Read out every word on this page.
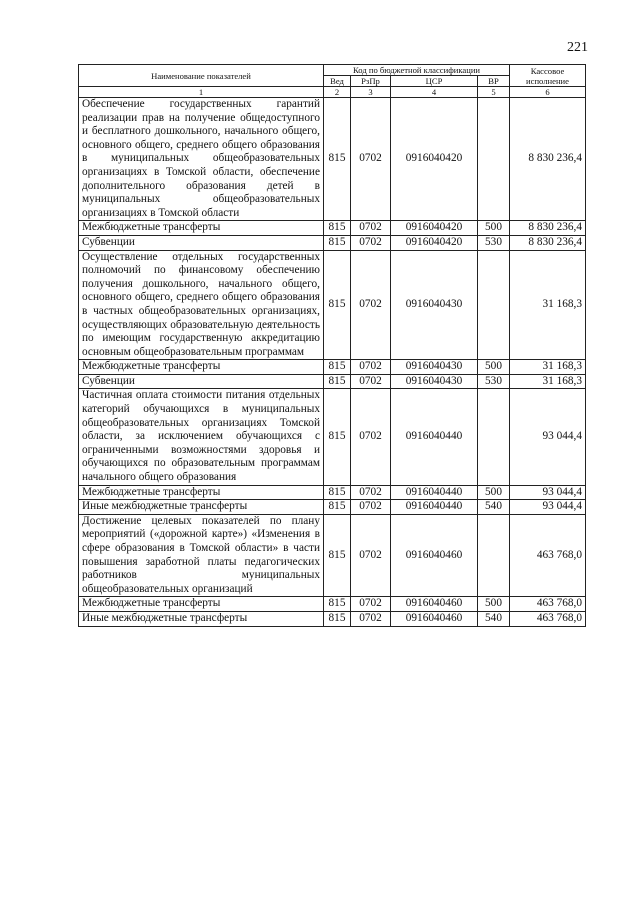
221
Наименование показателей	Код по бюджетной классификации				Кассовое исполнение
	Вед	РзПр	ЦСР	ВР	
1	2	3	4	5	6
Обеспечение государственных гарантий реализации прав на получение общедоступного и бесплатного дошкольного, начального общего, основного общего, среднего общего образования в муниципальных общеобразовательных организациях в Томской области, обеспечение дополнительного образования детей в муниципальных общеобразовательных организациях в Томской области	815	0702	0916040420		8 830 236,4
Межбюджетные трансферты	815	0702	0916040420	500	8 830 236,4
Субвенции	815	0702	0916040420	530	8 830 236,4
Осуществление отдельных государственных полномочий по финансовому обеспечению получения дошкольного, начального общего, основного общего, среднего общего образования в частных общеобразовательных организациях, осуществляющих образовательную деятельность по имеющим государственную аккредитацию основным общеобразовательным программам	815	0702	0916040430		31 168,3
Межбюджетные трансферты	815	0702	0916040430	500	31 168,3
Субвенции	815	0702	0916040430	530	31 168,3
Частичная оплата стоимости питания отдельных категорий обучающихся в муниципальных общеобразовательных организациях Томской области, за исключением обучающихся с ограниченными возможностями здоровья и обучающихся по образовательным программам начального общего образования	815	0702	0916040440		93 044,4
Межбюджетные трансферты	815	0702	0916040440	500	93 044,4
Иные межбюджетные трансферты	815	0702	0916040440	540	93 044,4
Достижение целевых показателей по плану мероприятий («дорожной карте») «Изменения в сфере образования в Томской области» в части повышения заработной платы педагогических работников муниципальных общеобразовательных организаций	815	0702	0916040460		463 768,0
Межбюджетные трансферты	815	0702	0916040460	500	463 768,0
Иные межбюджетные трансферты	815	0702	0916040460	540	463 768,0
